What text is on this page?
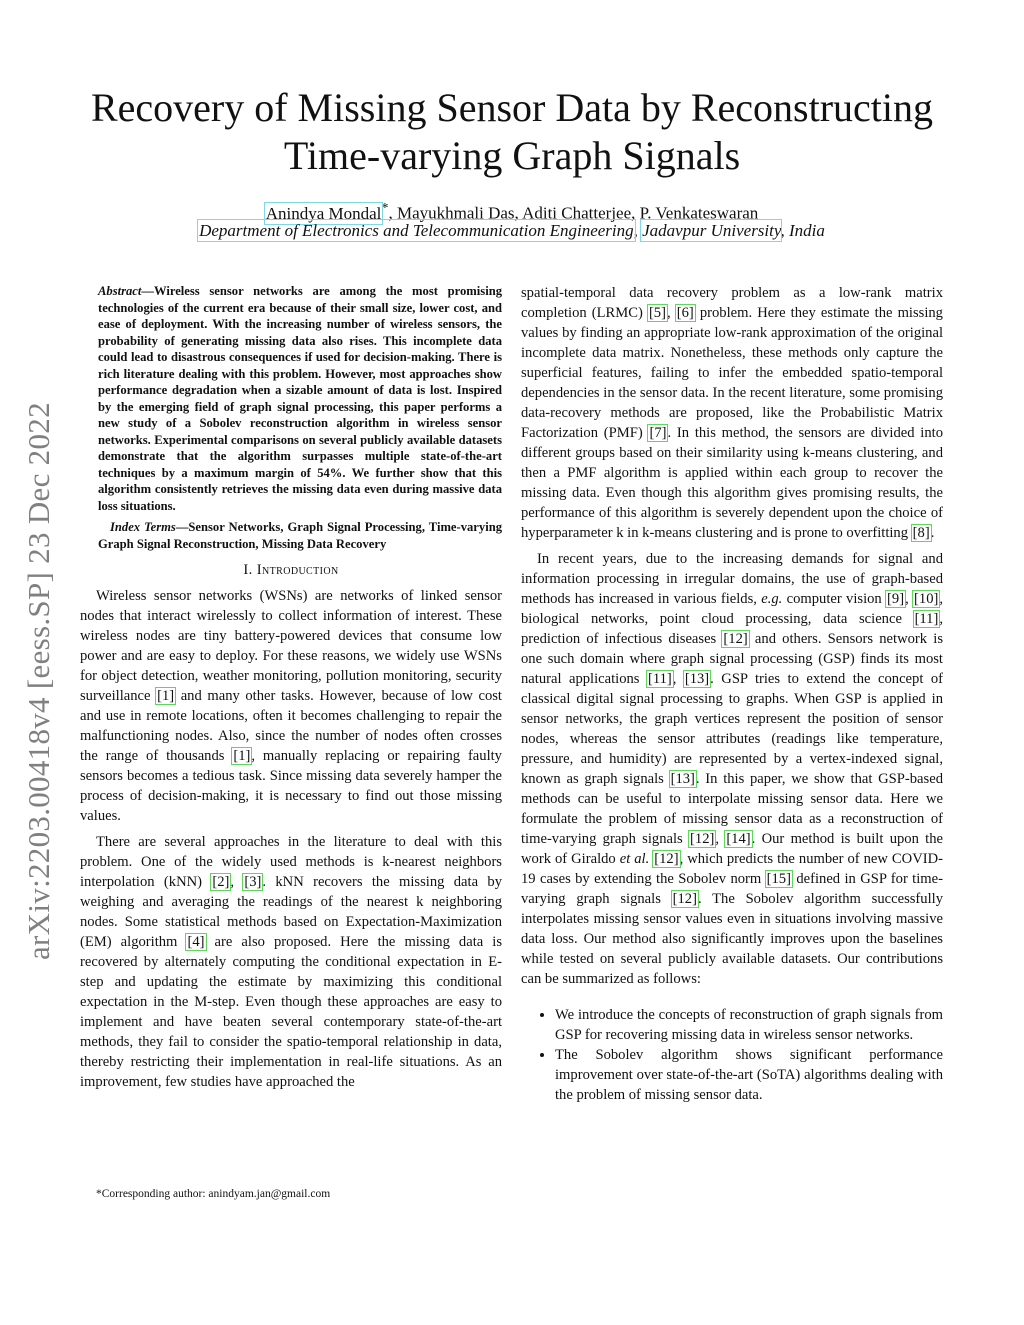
arXiv:2203.00418v4 [eess.SP] 23 Dec 2022
Recovery of Missing Sensor Data by Reconstructing
Time-varying Graph Signals
Anindya Mondal*, Mayukhmali Das, Aditi Chatterjee, P. Venkateswaran
Department of Electronics and Telecommunication Engineering, Jadavpur University, India

Abstract—Wireless sensor networks are among the most promising technologies of the current era because of their small size, lower cost, and ease of deployment. With the increasing number of wireless sensors, the probability of generating missing data also rises. This incomplete data could lead to disastrous consequences if used for decision-making. There is rich literature dealing with this problem. However, most approaches show performance degradation when a sizable amount of data is lost. Inspired by the emerging field of graph signal processing, this paper performs a new study of a Sobolev reconstruction algorithm in wireless sensor networks. Experimental comparisons on several publicly available datasets demonstrate that the algorithm surpasses multiple state-of-the-art techniques by a maximum margin of 54%. We further show that this algorithm consistently retrieves the missing data even during massive data loss situations.

Index Terms—Sensor Networks, Graph Signal Processing, Time-varying Graph Signal Reconstruction, Missing Data Recovery

I. Introduction

Wireless sensor networks (WSNs) are networks of linked sensor nodes that interact wirelessly to collect information of interest. These wireless nodes are tiny battery-powered devices that consume low power and are easy to deploy. For these reasons, we widely use WSNs for object detection, weather monitoring, pollution monitoring, security surveillance [1] and many other tasks. However, because of low cost and use in remote locations, often it becomes challenging to repair the malfunctioning nodes. Also, since the number of nodes often crosses the range of thousands [1], manually replacing or repairing faulty sensors becomes a tedious task. Since missing data severely hamper the process of decision-making, it is necessary to find out those missing values.

There are several approaches in the literature to deal with this problem. One of the widely used methods is k-nearest neighbors interpolation (kNN) [2], [3]. kNN recovers the missing data by weighing and averaging the readings of the nearest k neighboring nodes. Some statistical methods based on Expectation-Maximization (EM) algorithm [4] are also proposed. Here the missing data is recovered by alternately computing the conditional expectation in E-step and updating the estimate by maximizing this conditional expectation in the M-step. Even though these approaches are easy to implement and have beaten several contemporary state-of-the-art methods, they fail to consider the spatio-temporal relationship in data, thereby restricting their implementation in real-life situations. As an improvement, few studies have approached the

*Corresponding author: anindyam.jan@gmail.com

spatial-temporal data recovery problem as a low-rank matrix completion (LRMC) [5], [6] problem. Here they estimate the missing values by finding an appropriate low-rank approximation of the original incomplete data matrix. Nonetheless, these methods only capture the superficial features, failing to infer the embedded spatio-temporal dependencies in the sensor data. In the recent literature, some promising data-recovery methods are proposed, like the Probabilistic Matrix Factorization (PMF) [7]. In this method, the sensors are divided into different groups based on their similarity using k-means clustering, and then a PMF algorithm is applied within each group to recover the missing data. Even though this algorithm gives promising results, the performance of this algorithm is severely dependent upon the choice of hyperparameter k in k-means clustering and is prone to overfitting [8].

In recent years, due to the increasing demands for signal and information processing in irregular domains, the use of graph-based methods has increased in various fields, e.g. computer vision [9], [10], biological networks, point cloud processing, data science [11], prediction of infectious diseases [12] and others. Sensors network is one such domain where graph signal processing (GSP) finds its most natural applications [11], [13]. GSP tries to extend the concept of classical digital signal processing to graphs. When GSP is applied in sensor networks, the graph vertices represent the position of sensor nodes, whereas the sensor attributes (readings like temperature, pressure, and humidity) are represented by a vertex-indexed signal, known as graph signals [13]. In this paper, we show that GSP-based methods can be useful to interpolate missing sensor data. Here we formulate the problem of missing sensor data as a reconstruction of time-varying graph signals [12], [14]. Our method is built upon the work of Giraldo et al. [12], which predicts the number of new COVID-19 cases by extending the Sobolev norm [15] defined in GSP for time-varying graph signals [12]. The Sobolev algorithm successfully interpolates missing sensor values even in situations involving massive data loss. Our method also significantly improves upon the baselines while tested on several publicly available datasets. Our contributions can be summarized as follows:

• We introduce the concepts of reconstruction of graph signals from GSP for recovering missing data in wireless sensor networks.
• The Sobolev algorithm shows significant performance improvement over state-of-the-art (SoTA) algorithms dealing with the problem of missing sensor data.
